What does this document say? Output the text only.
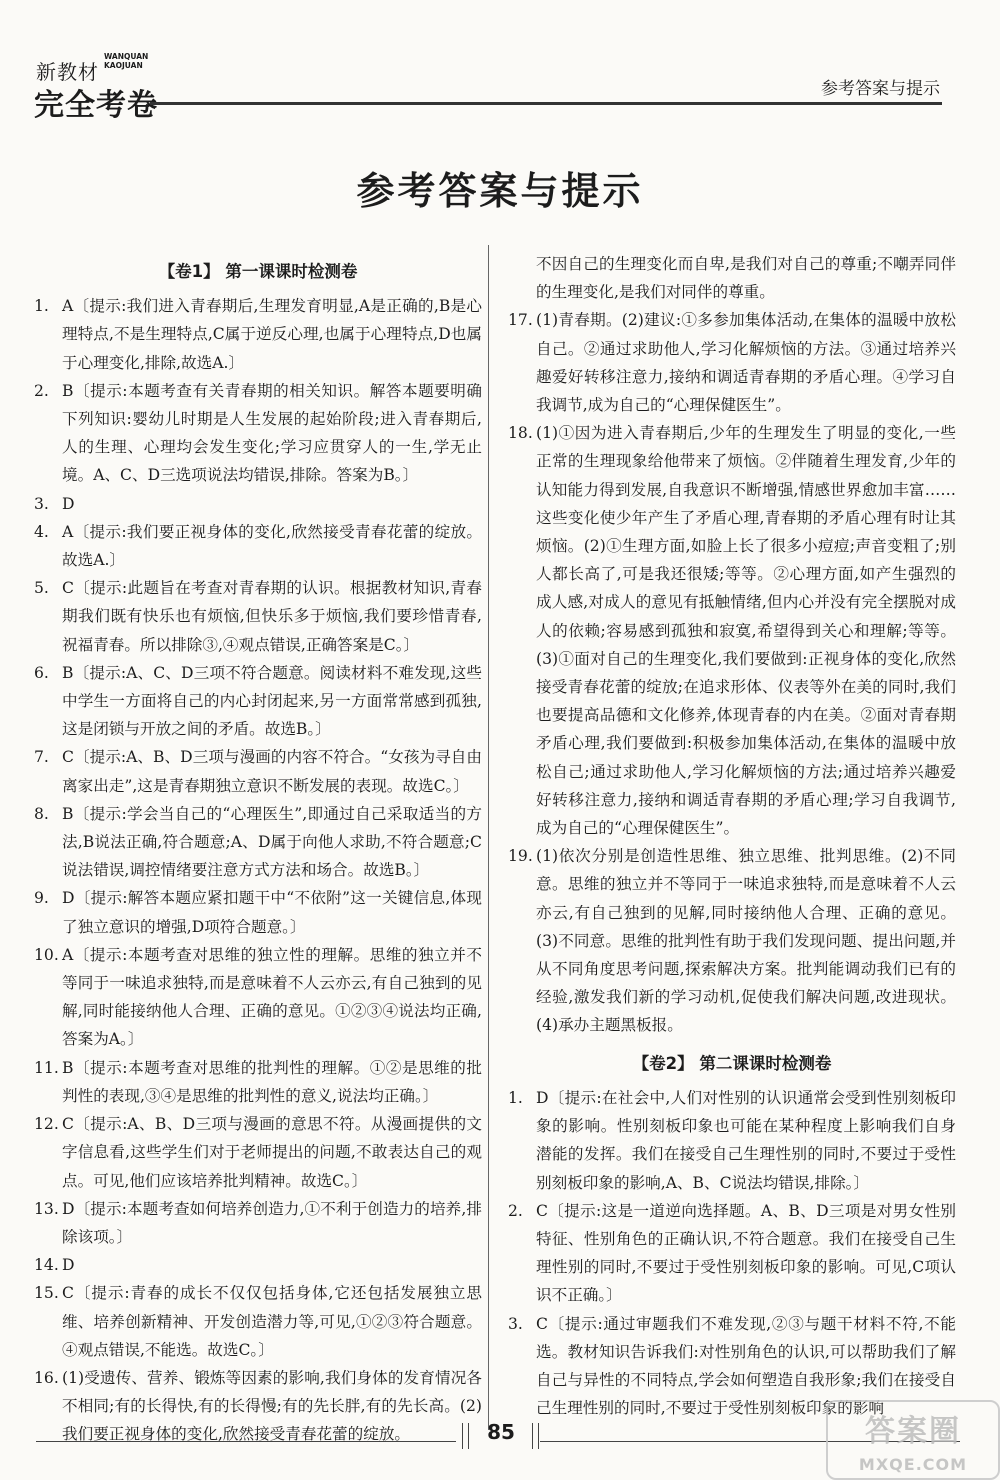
新教材
WANQUAN
KAOJUAN
完全考卷	参考答案与提示
参考答案与提示
【卷1】 第一课课时检测卷
1. A〔提示:我们进入青春期后,生理发育明显,A是正确的,B是心理特点,不是生理特点,C属于逆反心理,也属于心理特点,D也属于心理变化,排除,故选A.〕
2. B〔提示:本题考查有关青春期的相关知识。解答本题要明确下列知识:婴幼儿时期是人生发展的起始阶段;进入青春期后,人的生理、心理均会发生变化;学习应贯穿人的一生,学无止境。A、C、D三选项说法均错误,排除。答案为B。〕
3. D
4. A〔提示:我们要正视身体的变化,欣然接受青春花蕾的绽放。故选A.〕
5. C〔提示:此题旨在考查对青春期的认识。根据教材知识,青春期我们既有快乐也有烦恼,但快乐多于烦恼,我们要珍惜青春,祝福青春。所以排除③,④观点错误,正确答案是C。〕
6. B〔提示:A、C、D三项不符合题意。阅读材料不难发现,这些中学生一方面将自己的内心封闭起来,另一方面常常感到孤独,这是闭锁与开放之间的矛盾。故选B。〕
7. C〔提示:A、B、D三项与漫画的内容不符合。“女孩为寻自由离家出走”,这是青春期独立意识不断发展的表现。故选C。〕
8. B〔提示:学会当自己的“心理医生”,即通过自己采取适当的方法,B说法正确,符合题意;A、D属于向他人求助,不符合题意;C说法错误,调控情绪要注意方式方法和场合。故选B。〕
9. D〔提示:解答本题应紧扣题干中“不依附”这一关键信息,体现了独立意识的增强,D项符合题意。〕
10. A〔提示:本题考查对思维的独立性的理解。思维的独立并不等同于一味追求独特,而是意味着不人云亦云,有自己独到的见解,同时能接纳他人合理、正确的意见。①②③④说法均正确,答案为A。〕
11. B〔提示:本题考查对思维的批判性的理解。①②是思维的批判性的表现,③④是思维的批判性的意义,说法均正确。〕
12. C〔提示:A、B、D三项与漫画的意思不符。从漫画提供的文字信息看,这些学生们对于老师提出的问题,不敢表达自己的观点。可见,他们应该培养批判精神。故选C。〕
13. D〔提示:本题考查如何培养创造力,①不利于创造力的培养,排除该项。〕
14. D
15. C〔提示:青春的成长不仅仅包括身体,它还包括发展独立思维、培养创新精神、开发创造潜力等,可见,①②③符合题意。④观点错误,不能选。故选C。〕
16. (1)受遗传、营养、锻炼等因素的影响,我们身体的发育情况各不相同;有的长得快,有的长得慢;有的先长胖,有的先长高。(2)我们要正视身体的变化,欣然接受青春花蕾的绽放。
不因自己的生理变化而自卑,是我们对自己的尊重;不嘲弄同伴的生理变化,是我们对同伴的尊重。
17. (1)青春期。(2)建议:①多参加集体活动,在集体的温暖中放松自己。②通过求助他人,学习化解烦恼的方法。③通过培养兴趣爱好转移注意力,接纳和调适青春期的矛盾心理。④学习自我调节,成为自己的“心理保健医生”。
18. (1)①因为进入青春期后,少年的生理发生了明显的变化,一些正常的生理现象给他带来了烦恼。②伴随着生理发育,少年的认知能力得到发展,自我意识不断增强,情感世界愈加丰富……这些变化使少年产生了矛盾心理,青春期的矛盾心理有时让其烦恼。(2)①生理方面,如脸上长了很多小痘痘;声音变粗了;别人都长高了,可是我还很矮;等等。②心理方面,如产生强烈的成人感,对成人的意见有抵触情绪,但内心并没有完全摆脱对成人的依赖;容易感到孤独和寂寞,希望得到关心和理解;等等。(3)①面对自己的生理变化,我们要做到:正视身体的变化,欣然接受青春花蕾的绽放;在追求形体、仪表等外在美的同时,我们也要提高品德和文化修养,体现青春的内在美。②面对青春期矛盾心理,我们要做到:积极参加集体活动,在集体的温暖中放松自己;通过求助他人,学习化解烦恼的方法;通过培养兴趣爱好转移注意力,接纳和调适青春期的矛盾心理;学习自我调节,成为自己的“心理保健医生”。
19. (1)依次分别是创造性思维、独立思维、批判思维。(2)不同意。思维的独立并不等同于一味追求独特,而是意味着不人云亦云,有自己独到的见解,同时接纳他人合理、正确的意见。(3)不同意。思维的批判性有助于我们发现问题、提出问题,并从不同角度思考问题,探索解决方案。批判能调动我们已有的经验,激发我们新的学习动机,促使我们解决问题,改进现状。(4)承办主题黑板报。
【卷2】 第二课课时检测卷
1. D〔提示:在社会中,人们对性别的认识通常会受到性别刻板印象的影响。性别刻板印象也可能在某种程度上影响我们自身潜能的发挥。我们在接受自己生理性别的同时,不要过于受性别刻板印象的影响,A、B、C说法均错误,排除。〕
2. C〔提示:这是一道逆向选择题。A、B、D三项是对男女性别特征、性别角色的正确认识,不符合题意。我们在接受自己生理性别的同时,不要过于受性别刻板印象的影响。可见,C项认识不正确。〕
3. C〔提示:通过审题我们不难发现,②③与题干材料不符,不能选。教材知识告诉我们:对性别角色的认识,可以帮助我们了解自己与异性的不同特点,学会如何塑造自我形象;我们在接受自己生理性别的同时,不要过于受性别刻板印象的影响
85	答案圈
MXQE.COM
